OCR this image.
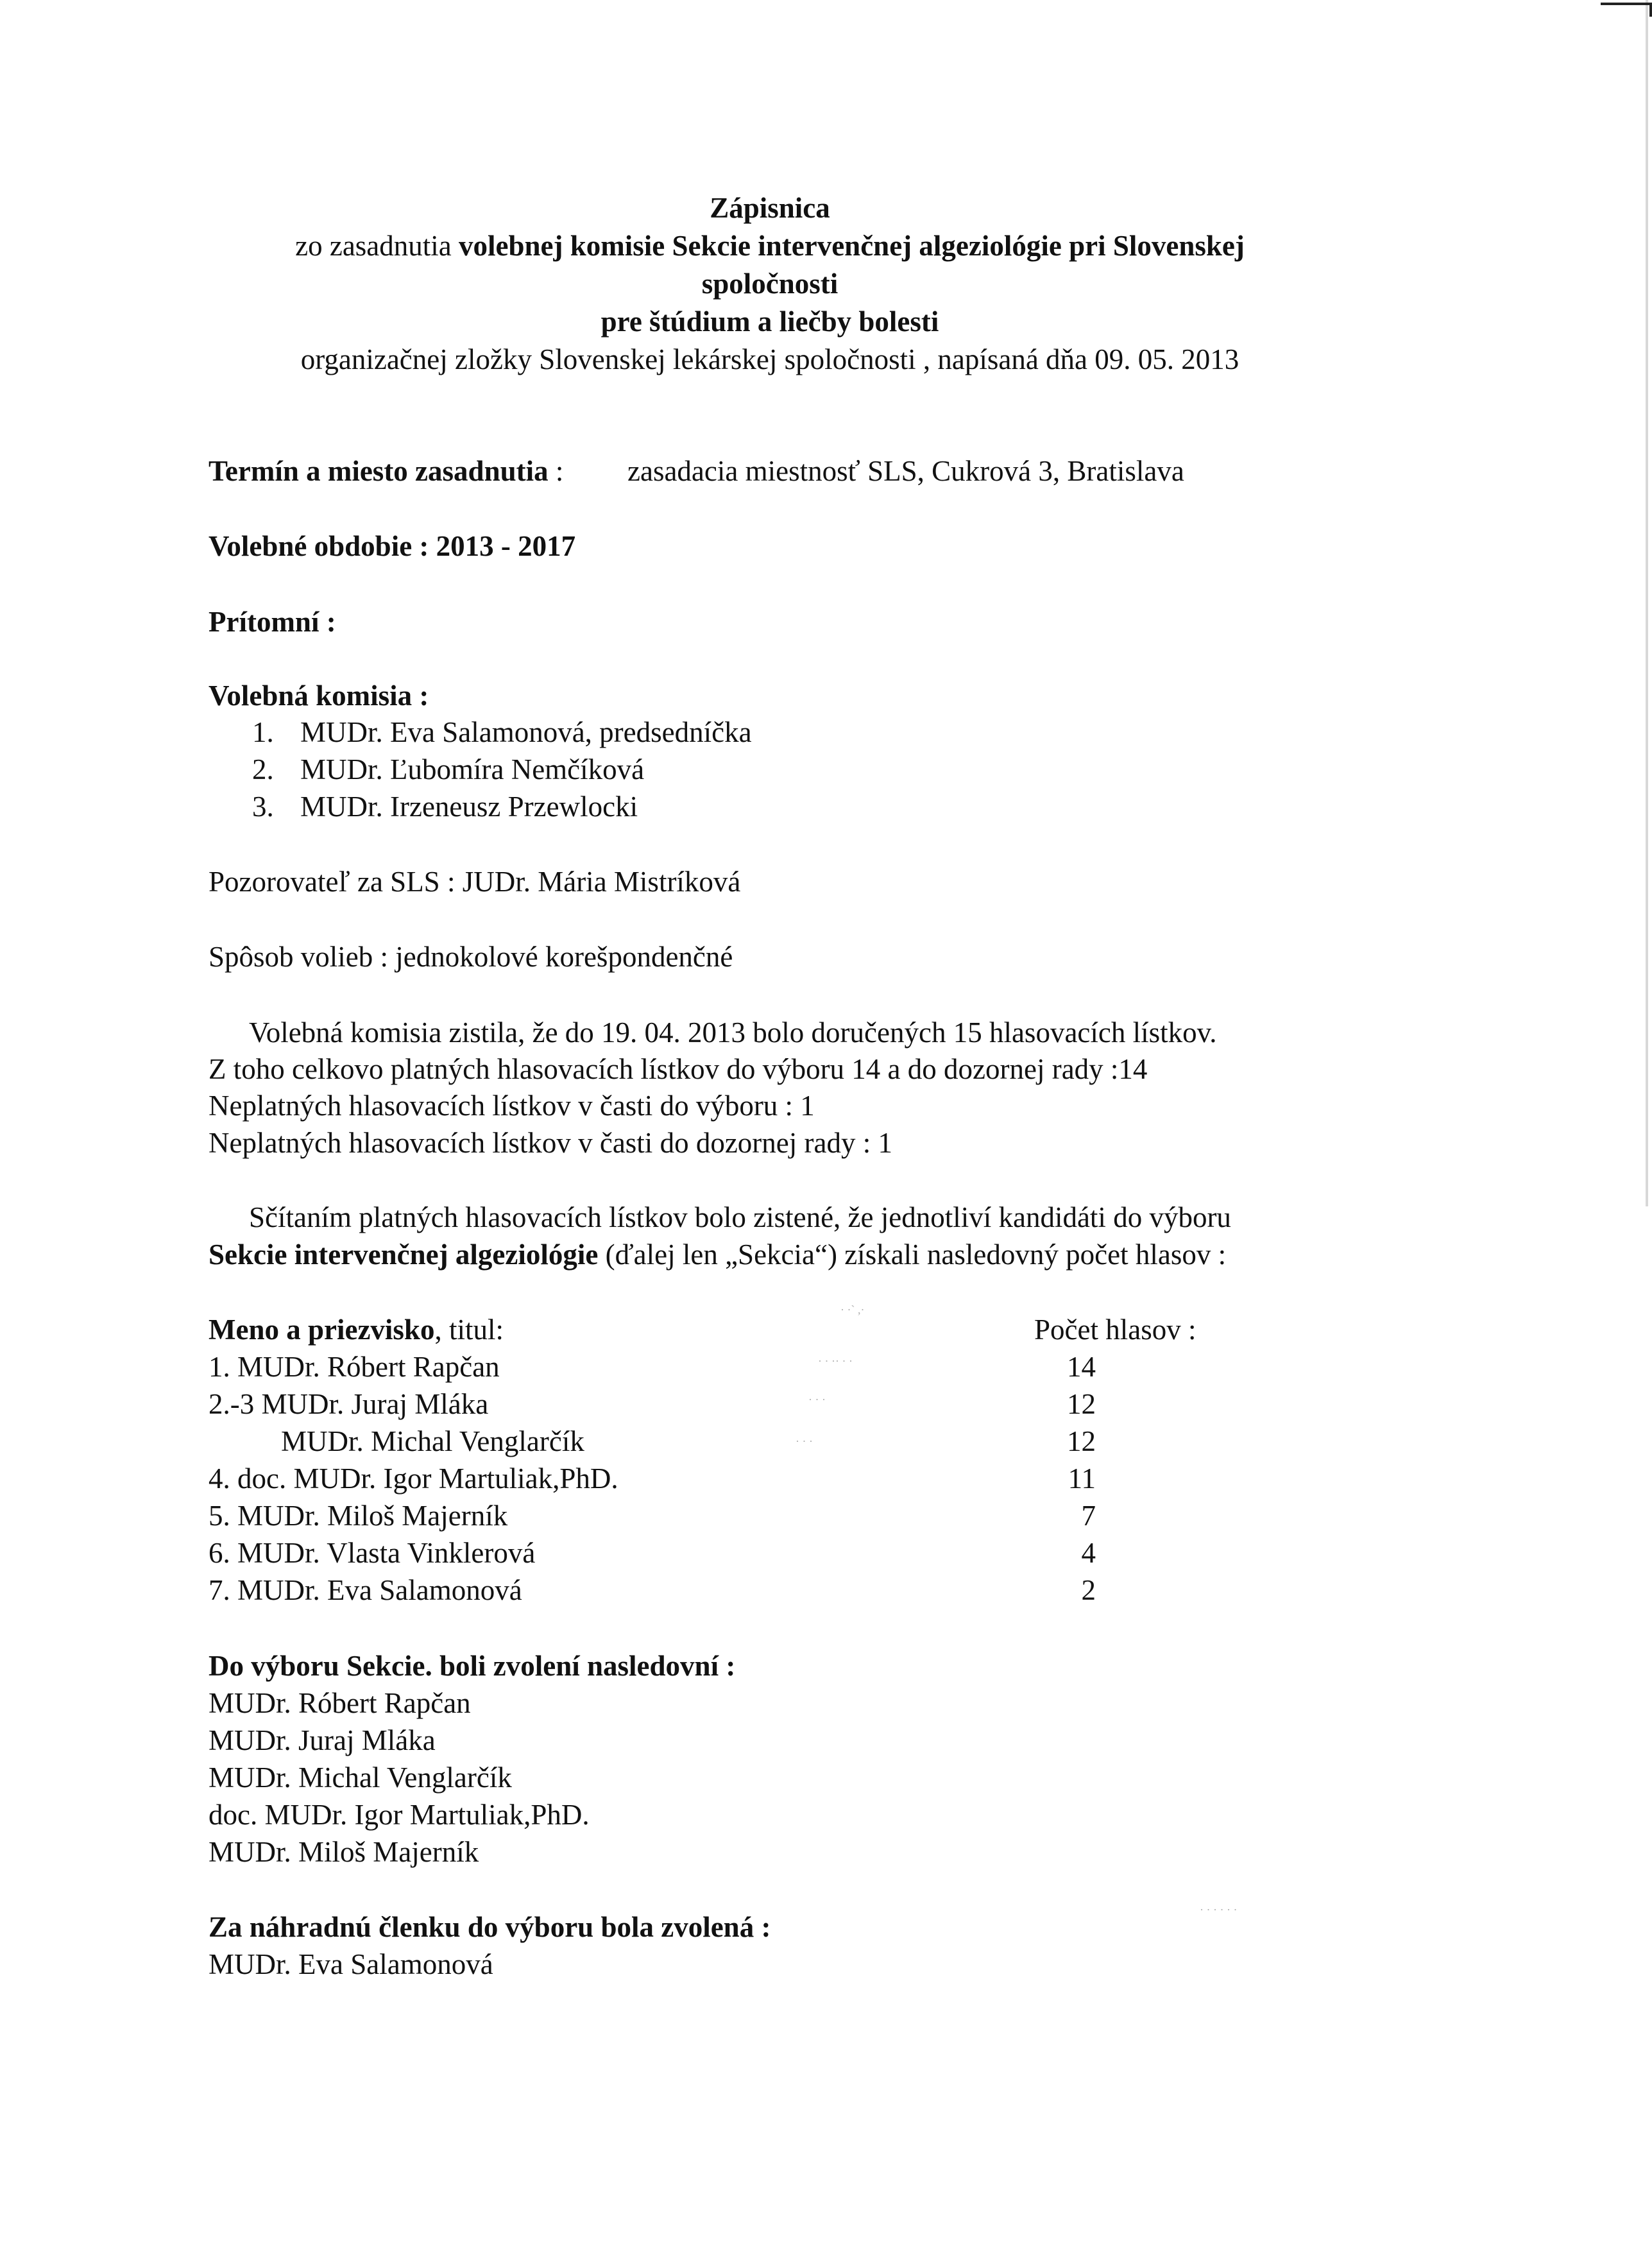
Zápisnica
zo zasadnutia volebnej komisie Sekcie intervenčnej algeziológie pri Slovenskej
spoločnosti
pre štúdium a liečby bolesti
organizačnej zložky Slovenskej lekárskej spoločnosti , napísaná dňa 09. 05. 2013
Termín a miesto zasadnutia : zasadacia miestnosť SLS, Cukrová 3, Bratislava
Volebné obdobie : 2013 - 2017
Prítomní :
Volebná komisia :
1. MUDr. Eva Salamonová, predsedníčka
2. MUDr. Ľubomíra Nemčíková
3. MUDr. Irzeneusz Przewlocki
Pozorovateľ za SLS : JUDr. Mária Mistríková
Spôsob volieb : jednokolové korešpondenčné
Volebná komisia zistila, že do 19. 04. 2013 bolo doručených 15 hlasovacích lístkov.
Z toho celkovo platných hlasovacích lístkov do výboru 14 a do dozornej rady :14
Neplatných hlasovacích lístkov v časti do výboru : 1
Neplatných hlasovacích lístkov v časti do dozornej rady : 1
Sčítaním platných hlasovacích lístkov bolo zistené, že jednotliví kandidáti do výboru
Sekcie intervenčnej algeziológie (ďalej len „Sekcia“) získali nasledovný počet hlasov :
Meno a priezvisko, titul:	Počet hlasov :
1. MUDr. Róbert Rapčan	14
2.-3 MUDr. Juraj Mláka	12
MUDr. Michal Venglarčík	12
4. doc. MUDr. Igor Martuliak,PhD.	11
5. MUDr. Miloš Majerník	7
6. MUDr. Vlasta Vinklerová	4
7. MUDr. Eva Salamonová	2
· ·` ,·
· · ·· · ·
· · ·
· · ·
· · · · · ·
Do výboru Sekcie. boli zvolení nasledovní :
MUDr. Róbert Rapčan
MUDr. Juraj Mláka
MUDr. Michal Venglarčík
doc. MUDr. Igor Martuliak,PhD.
MUDr. Miloš Majerník
Za náhradnú členku do výboru bola zvolená :
MUDr. Eva Salamonová
